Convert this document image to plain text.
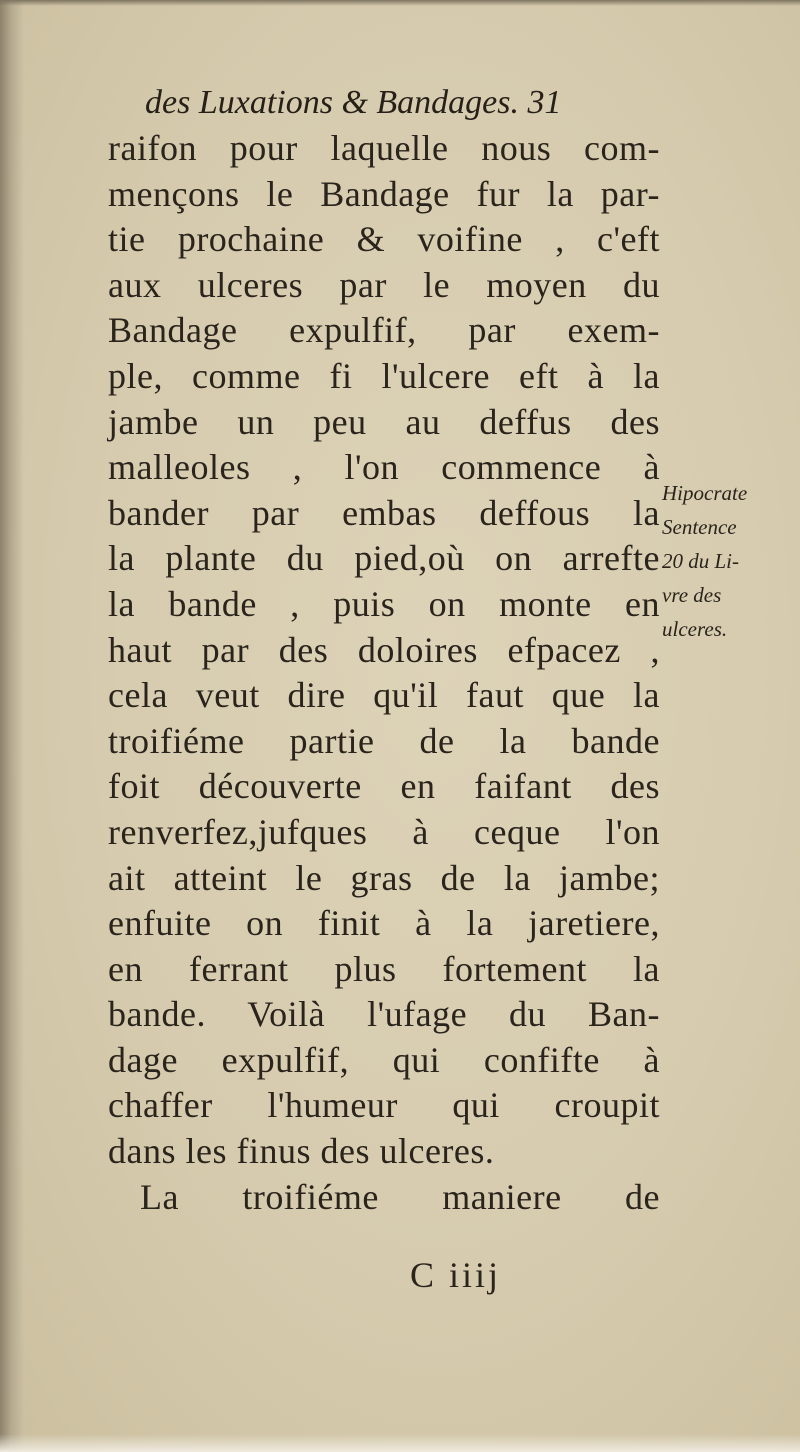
des Luxations & Bandages. 31
raifon pour laquelle nous com-
mençons le Bandage fur la par-
tie prochaine & voifine , c'eft
aux ulceres par le moyen du
Bandage expulfif, par exem-
ple, comme fi l'ulcere eft à la
jambe un peu au deffus des
malleoles , l'on commence à
bander par embas deffous la
la plante du pied,où on arrefte
la bande , puis on monte en
haut par des doloires efpacez ,
cela veut dire qu'il faut que la
troifiéme partie de la bande
foit découverte en faifant des
renverfez,jufques à ceque l'on
ait atteint le gras de la jambe;
enfuite on finit à la jaretiere,
en ferrant plus fortement la
bande. Voilà l'ufage du Ban-
dage expulfif, qui confifte à
chaffer l'humeur qui croupit
dans les finus des ulceres.
La troifiéme maniere de
C iiij
Hipocrate
Sentence
20 du Li-
vre des
ulceres.
